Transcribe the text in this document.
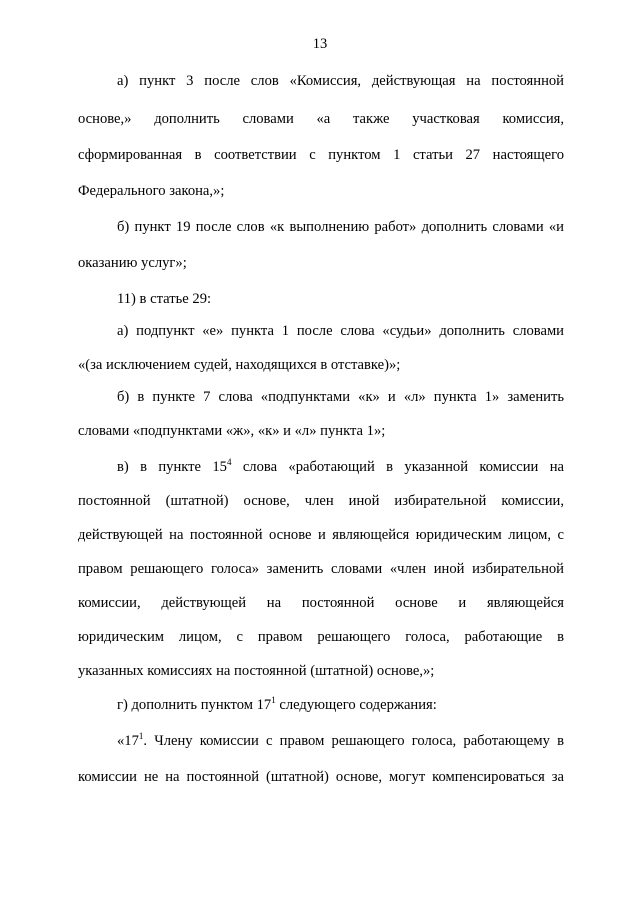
13
а) пункт 3 после слов «Комиссия, действующая на постоянной
основе,» дополнить словами «а также участковая комиссия,
сформированная в соответствии с пунктом 1 статьи 27 настоящего
Федерального закона,»;
б) пункт 19 после слов «к выполнению работ» дополнить словами «и
оказанию услуг»;
11) в статье 29:
а) подпункт «е» пункта 1 после слова «судьи» дополнить словами
«(за исключением судей, находящихся в отставке)»;
б) в пункте 7 слова «подпунктами «к» и «л» пункта 1» заменить
словами «подпунктами «ж», «к» и «л» пункта 1»;
в) в пункте $15^4$ слова «работающий в указанной комиссии на
постоянной (штатной) основе, член иной избирательной комиссии,
действующей на постоянной основе и являющейся юридическим лицом, с
правом решающего голоса» заменить словами «член иной избирательной
комиссии, действующей на постоянной основе и являющейся
юридическим лицом, с правом решающего голоса, работающие в
указанных комиссиях на постоянной (штатной) основе,»;
г) дополнить пунктом $17^1$ следующего содержания:
«$17^1$. Члену комиссии с правом решающего голоса, работающему в
комиссии не на постоянной (штатной) основе, могут компенсироваться за
